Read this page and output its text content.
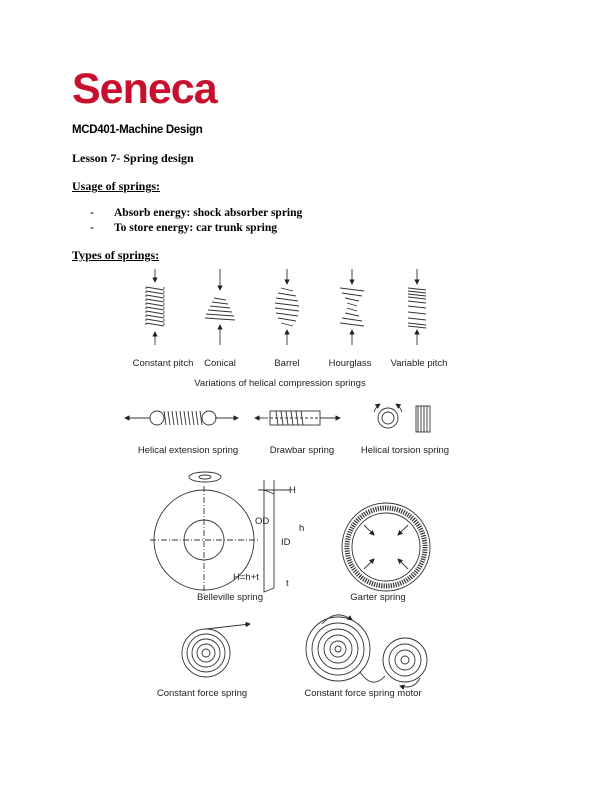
Seneca
MCD401-Machine Design
Lesson 7- Spring design
Usage of springs:
- Absorb energy: shock absorber spring
- To store energy: car trunk spring
Types of springs:
Constant pitch Conical	Barrel	Hourglass Variable pitch
Variations of helical compression springs
Helical extension spring	Drawbar spring	Helical torsion spring
H
OD
h
ID
H=h+t
t
Belleville spring	Garter spring
Constant force spring	Constant force spring motor
